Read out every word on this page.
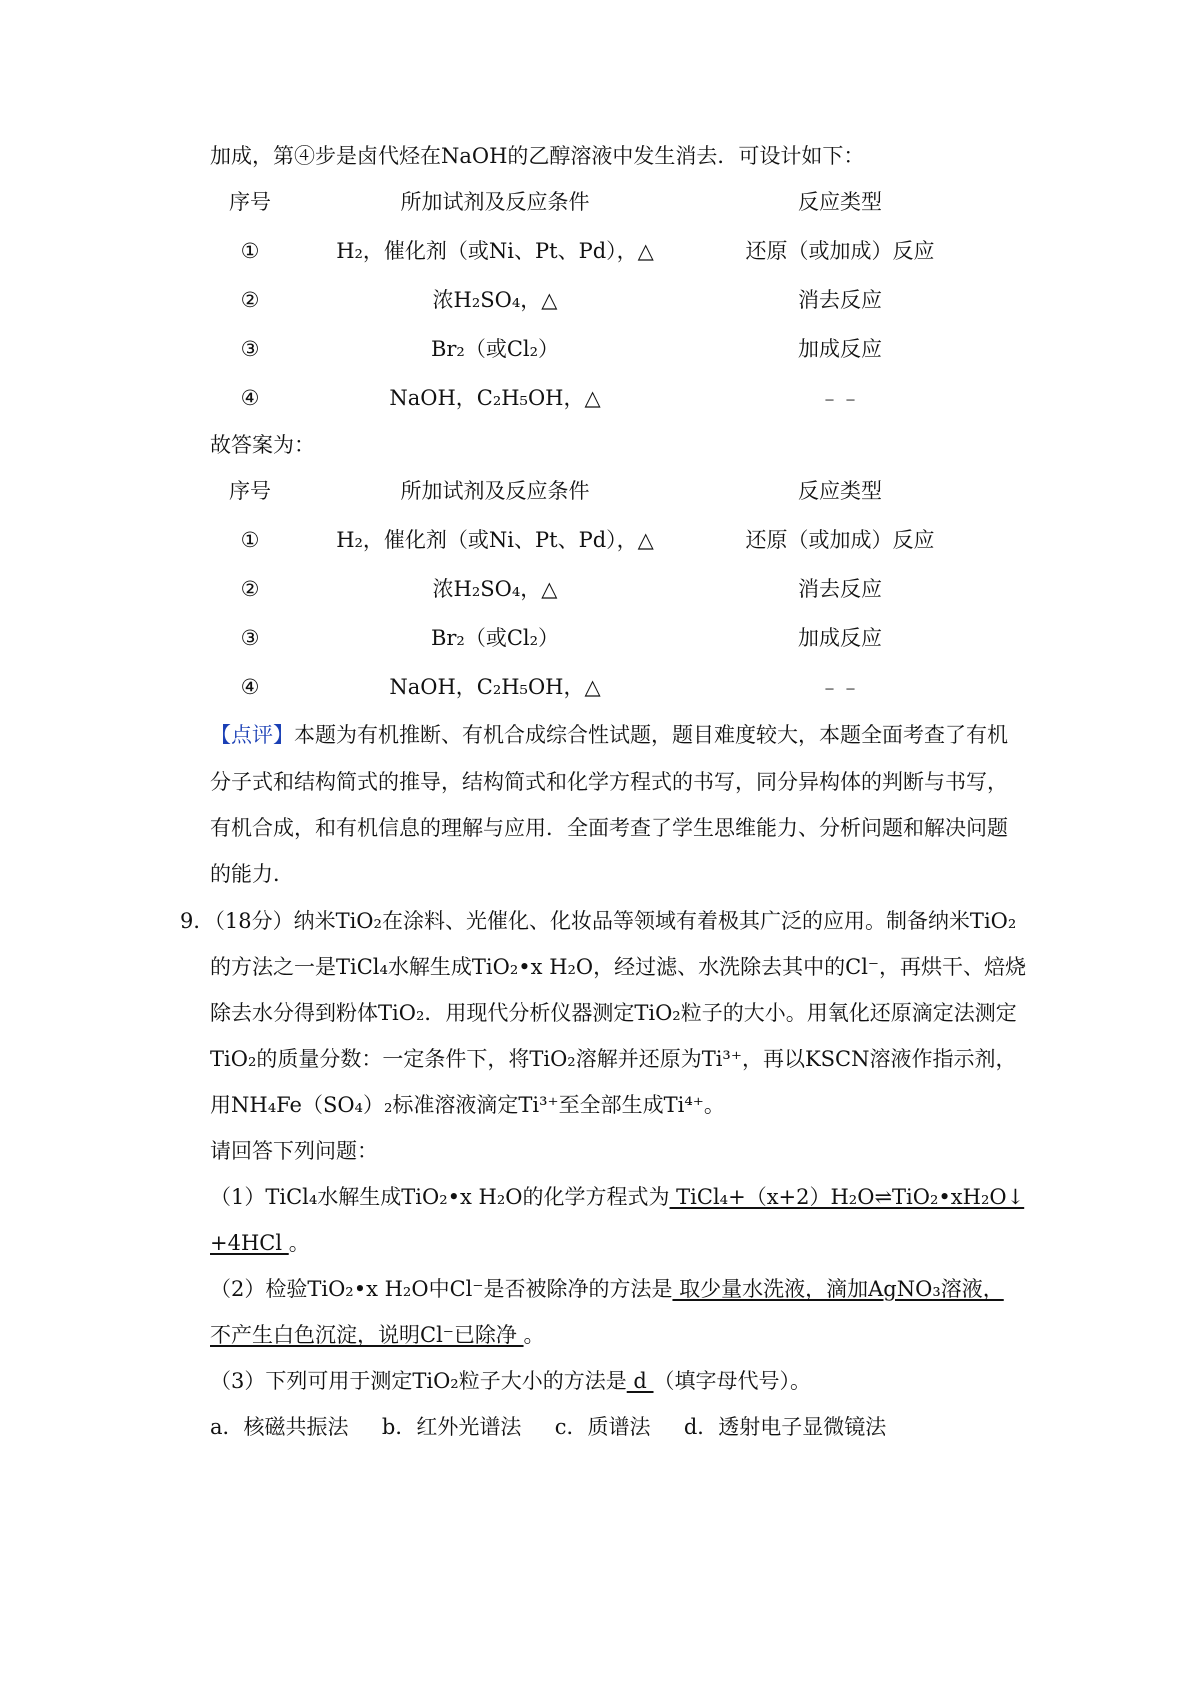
加成，第④步是卤代烃在NaOH的乙醇溶液中发生消去．可设计如下：
序号	所加试剂及反应条件	反应类型
①	H₂，催化剂（或Ni、Pt、Pd），△	还原（或加成）反应
②	浓H₂SO₄，△	消去反应
③	Br₂（或Cl₂）	加成反应
④	NaOH，C₂H₅OH，△	﹣﹣
故答案为：
序号	所加试剂及反应条件	反应类型
①	H₂，催化剂（或Ni、Pt、Pd），△	还原（或加成）反应
②	浓H₂SO₄，△	消去反应
③	Br₂（或Cl₂）	加成反应
④	NaOH，C₂H₅OH，△	﹣﹣
【点评】本题为有机推断、有机合成综合性试题，题目难度较大，本题全面考查了有机
分子式和结构简式的推导，结构简式和化学方程式的书写，同分异构体的判断与书写，
有机合成，和有机信息的理解与应用．全面考查了学生思维能力、分析问题和解决问题
的能力．
9．（18分）纳米TiO₂在涂料、光催化、化妆品等领域有着极其广泛的应用。制备纳米TiO₂
的方法之一是TiCl₄水解生成TiO₂•x H₂O，经过滤、水洗除去其中的Cl⁻，再烘干、焙烧
除去水分得到粉体TiO₂．用现代分析仪器测定TiO₂粒子的大小。用氧化还原滴定法测定
TiO₂的质量分数：一定条件下，将TiO₂溶解并还原为Ti³⁺，再以KSCN溶液作指示剂，
用NH₄Fe（SO₄）₂标准溶液滴定Ti³⁺至全部生成Ti⁴⁺。
请回答下列问题：
（1）TiCl₄水解生成TiO₂•x H₂O的化学方程式为 TiCl₄+（x+2）H₂O⇌TiO₂•xH₂O↓
+4HCl 。
（2）检验TiO₂•x H₂O中Cl⁻是否被除净的方法是 取少量水洗液，滴加AgNO₃溶液，
不产生白色沉淀，说明Cl⁻已除净 。
（3）下列可用于测定TiO₂粒子大小的方法是 d （填字母代号）。
a．核磁共振法     b．红外光谱法     c．质谱法     d．透射电子显微镜法
